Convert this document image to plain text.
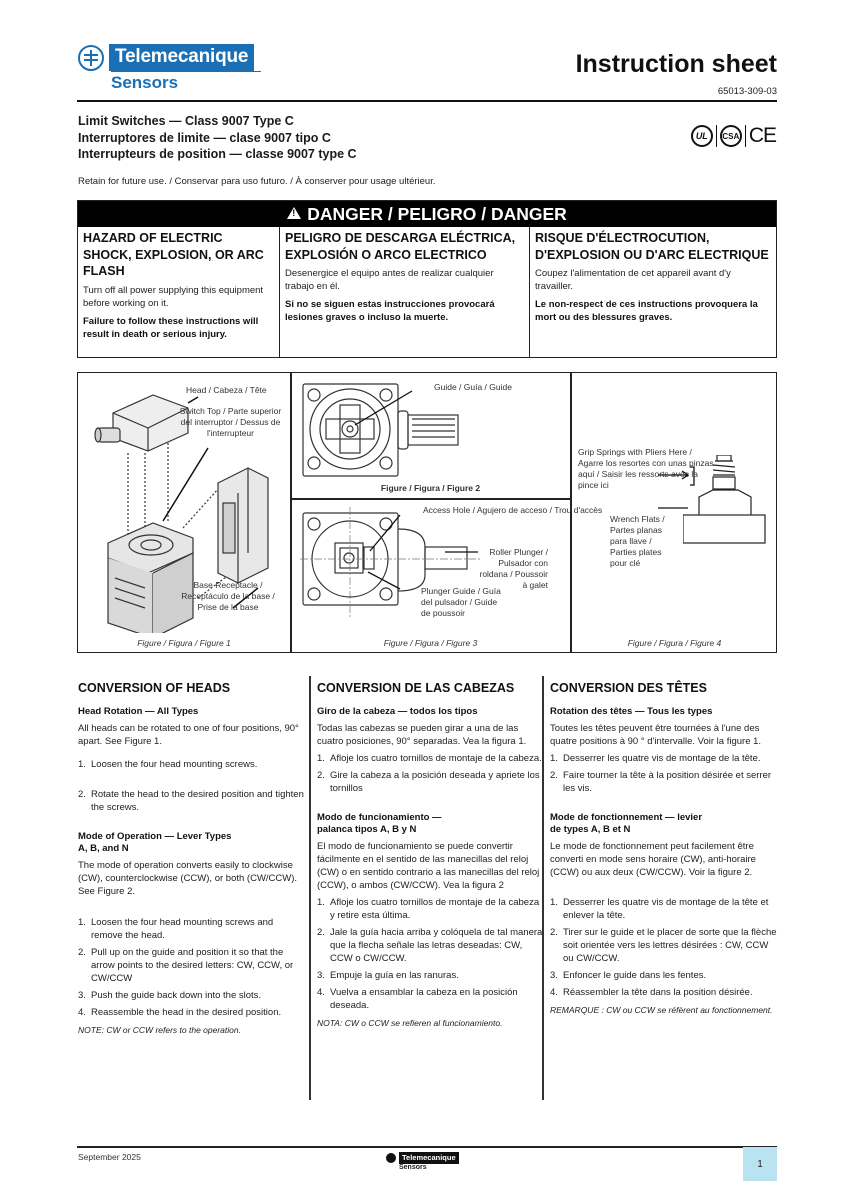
Telemecanique
Sensors
Instruction sheet
65013-309-03
Limit Switches — Class 9007 Type C
Interruptores de limite — clase 9007 tipo C
Interrupteurs de position — classe 9007 type C
UL	CSA CE
Retain for future use. / Conservar para uso futuro. / À conserver pour usage ultérieur.
!
DANGER / PELIGRO / DANGER
HAZARD OF ELECTRIC SHOCK, EXPLOSION, OR ARC FLASH
Turn off all power supplying this equipment before working on it.
Failure to follow these instructions will result in death or serious injury.
PELIGRO DE DESCARGA ELÉCTRICA, EXPLOSIÓN O ARCO ELECTRICO
Desenergice el equipo antes de realizar cualquier trabajo en él.
Si no se siguen estas instrucciones provocará lesiones graves o incluso la muerte.
RISQUE D'ÉLECTROCUTION, D'EXPLOSION OU D'ARC ELECTRIQUE
Coupez l'alimentation de cet appareil avant d'y travailler.
Le non-respect de ces instructions provoquera la mort ou des blessures graves.
Head / Cabeza / Tête
Switch Top / Parte superior del interruptor / Dessus de l'interrupteur
Base Receptacle / Receptáculo de la base / Prise de la base
Figure / Figura / Figure 1
Guide / Guía / Guide
Figure / Figura / Figure 2
Access Hole / Agujero de acceso / Trou d'accès
Roller Plunger / Pulsador con roldana / Poussoir à galet
Plunger Guide / Guía del pulsador / Guide de poussoir
Figure / Figura / Figure 3
Grip Springs with Pliers Here / Agarre los resortes con unas pinzas aquí / Saisir les ressorts avec la pince ici
Wrench Flats / Partes planas para llave / Parties plates pour clé
Figure / Figura / Figure 4
CONVERSION OF HEADS
Head Rotation — All Types

All heads can be rotated to one of four positions, 90° apart. See Figure 1.

1. Loosen the four head mounting screws.
2. Rotate the head to the desired position and tighten the screws.
Mode of Operation — Lever Types A, B, and N

The mode of operation converts easily to clockwise (CW), counterclockwise (CCW), or both (CW/CCW). See Figure 2.

1. Loosen the four head mounting screws and remove the head.
2. Pull up on the guide and position it so that the arrow points to the desired letters: CW, CCW, or CW/CCW
3. Push the guide back down into the slots.
4. Reassemble the head in the desired position.
NOTE: CW or CCW refers to the operation.
CONVERSION DE LAS CABEZAS
Giro de la cabeza — todos los tipos

Todas las cabezas se pueden girar a una de las cuatro posiciones, 90° separadas. Vea la figura 1.

1. Afloje los cuatro tornillos de montaje de la cabeza.
2. Gire la cabeza a la posición deseada y apriete los tornillos
Modo de funcionamiento — palanca tipos A, B y N

El modo de funcionamiento se puede convertir fácilmente en el sentido de las manecillas del reloj (CW) o en sentido contrario a las manecillas del reloj (CCW), o ambos (CW/CCW). Vea la figura 2

1. Afloje los cuatro tornillos de montaje de la cabeza y retire esta última.
2. Jale la guía hacia arriba y colóquela de tal manera que la flecha señale las letras deseadas: CW, CCW o CW/CCW.
3. Empuje la guía en las ranuras.
4. Vuelva a ensamblar la cabeza en la posición deseada.
NOTA: CW o CCW se refieren al funcionamiento.
CONVERSION DES TÊTES
Rotation des têtes — Tous les types

Toutes les têtes peuvent être tournées à l'une des quatre positions à 90 ° d'intervalle. Voir la figure 1.

1. Desserrer les quatre vis de montage de la tête.
2. Faire tourner la tête à la position désirée et serrer les vis.
Mode de fonctionnement — levier de types A, B et N

Le mode de fonctionnement peut facilement être converti en mode sens horaire (CW), anti-horaire (CCW) ou aux deux (CW/CCW). Voir la figure 2.

1. Desserrer les quatre vis de montage de la tête et enlever la tête.
2. Tirer sur le guide et le placer de sorte que la flèche soit orientée vers les lettres désirées : CW, CCW ou CW/CCW.
3. Enfoncer le guide dans les fentes.
4. Réassembler la tête dans la position désirée.
REMARQUE : CW ou CCW se réfèrent au fonctionnement.
September 2025	Telemecanique
Sensors	1
